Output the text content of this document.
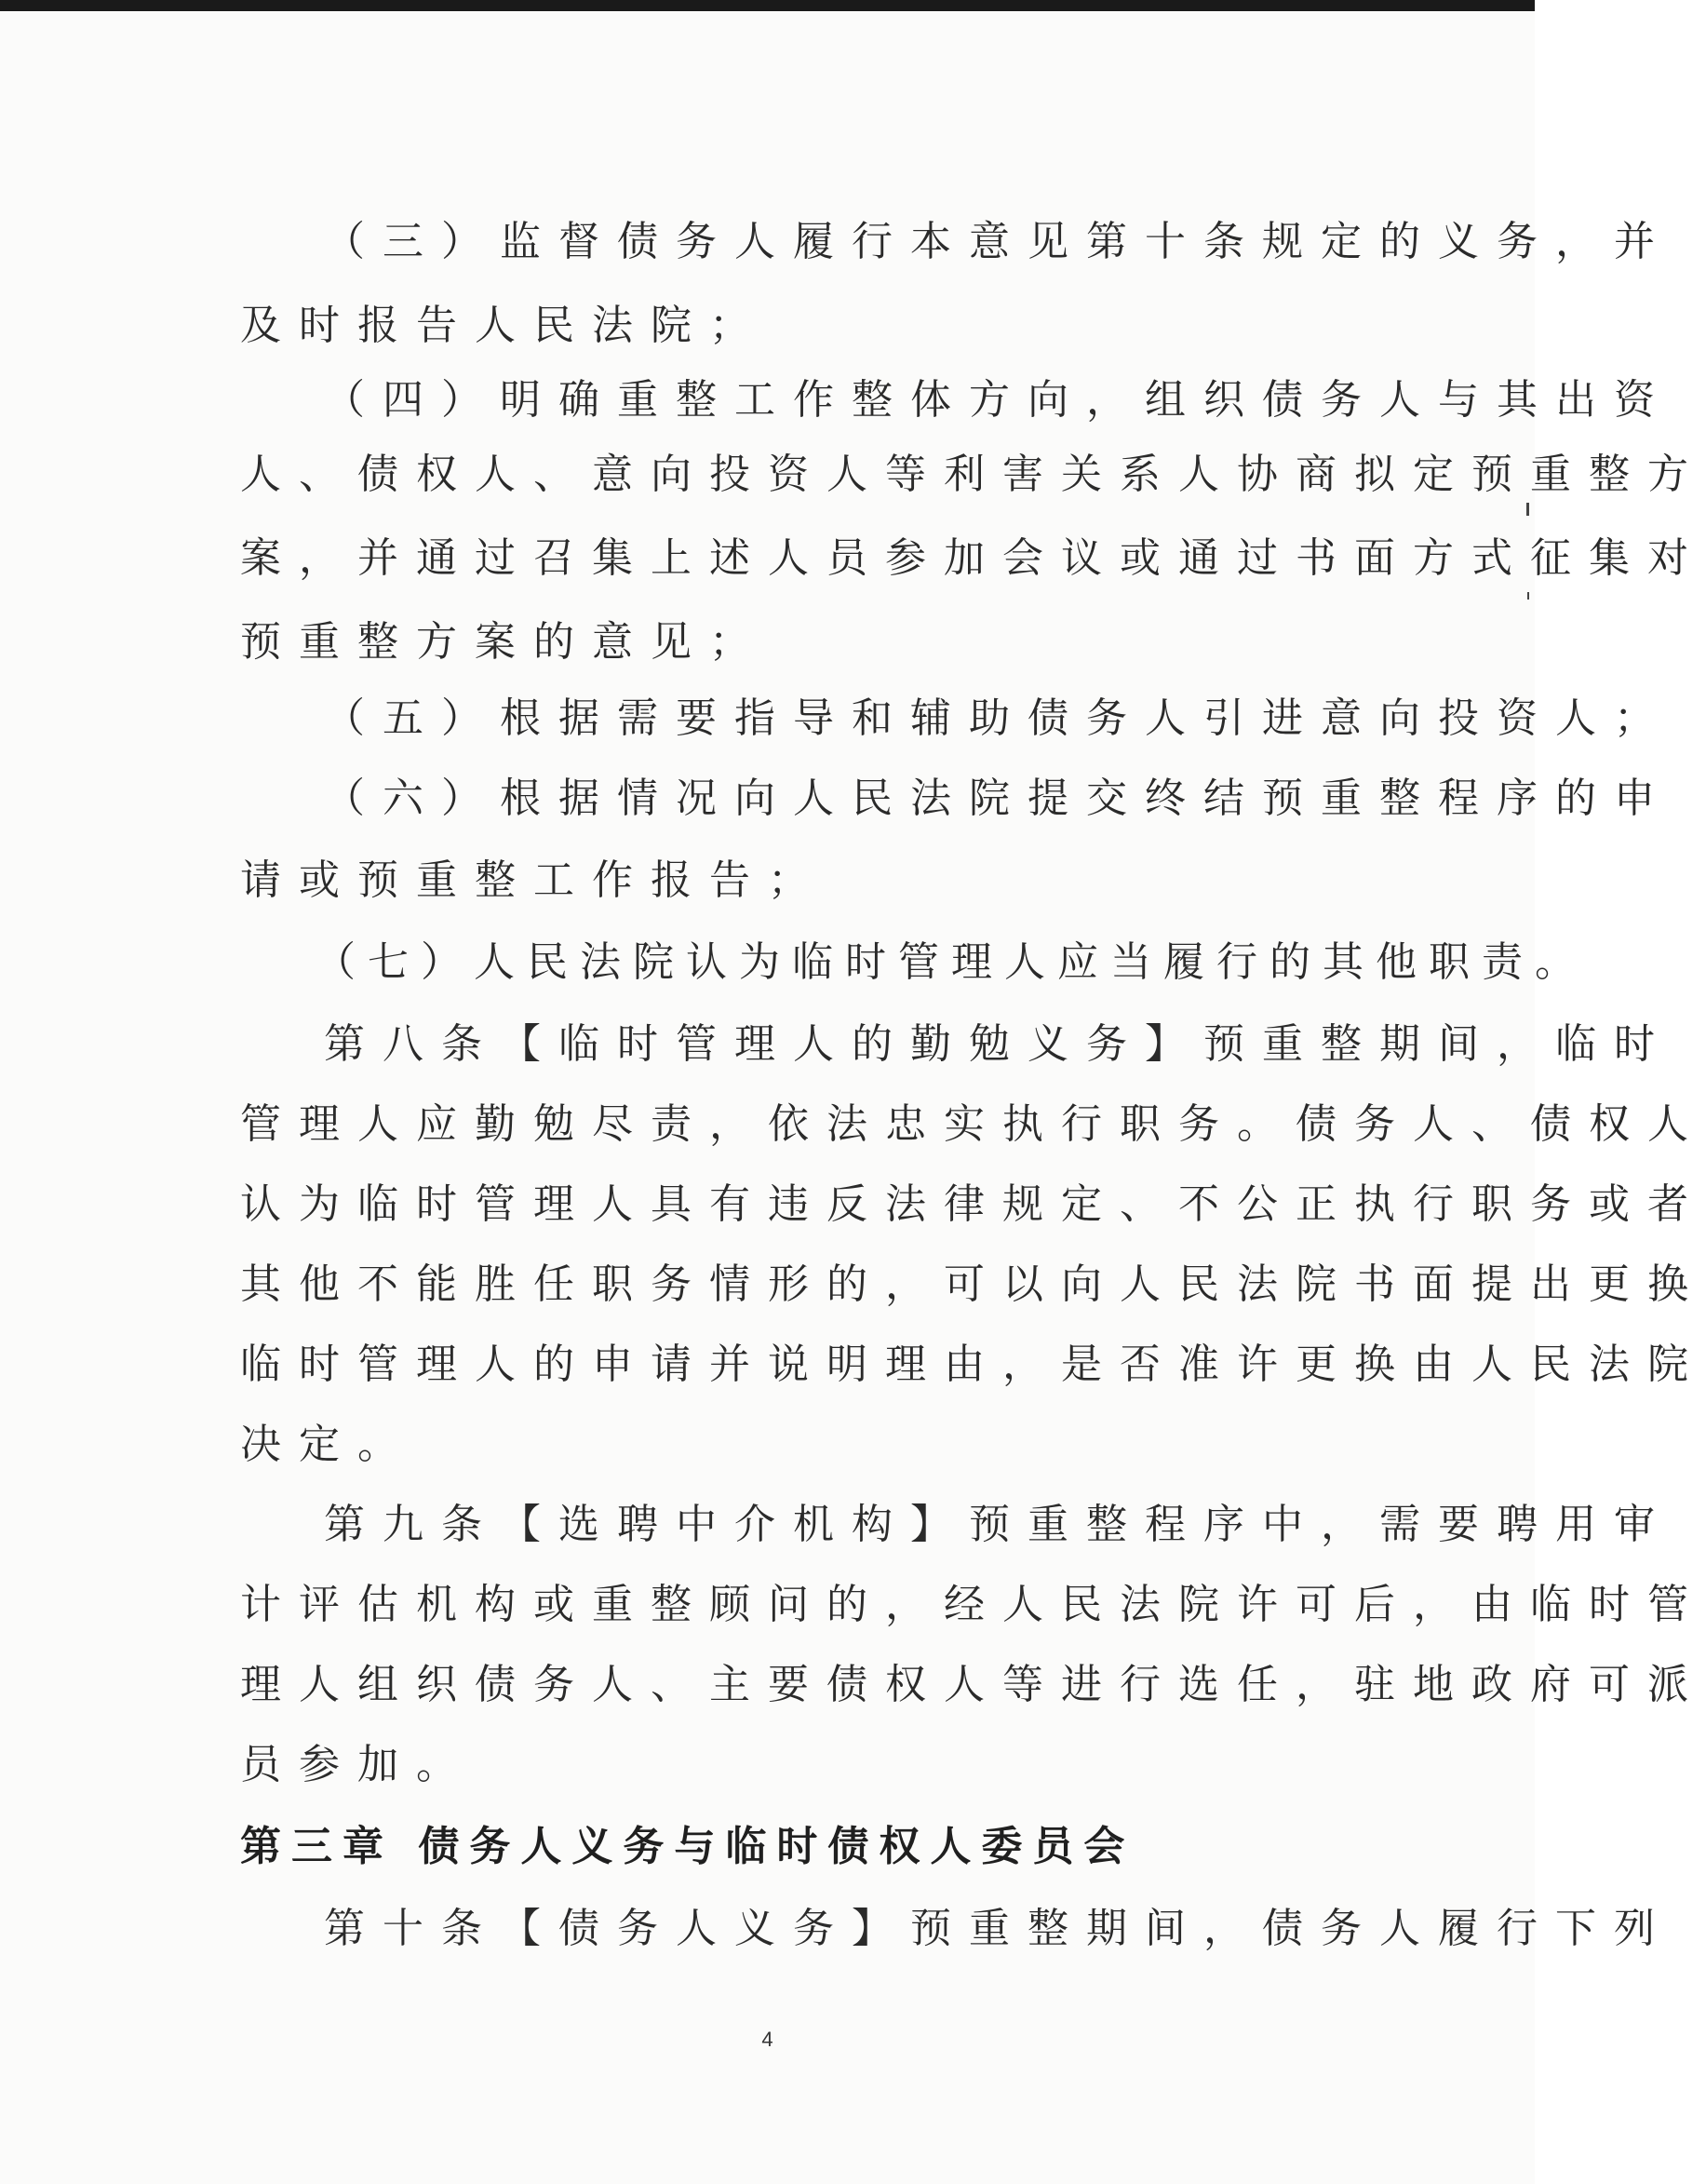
（三）监督债务人履行本意见第十条规定的义务，并
及时报告人民法院；
（四）明确重整工作整体方向，组织债务人与其出资
人、债权人、意向投资人等利害关系人协商拟定预重整方
案，并通过召集上述人员参加会议或通过书面方式征集对
预重整方案的意见；
（五）根据需要指导和辅助债务人引进意向投资人；
（六）根据情况向人民法院提交终结预重整程序的申
请或预重整工作报告；
（七）人民法院认为临时管理人应当履行的其他职责。
第八条【临时管理人的勤勉义务】预重整期间，临时
管理人应勤勉尽责，依法忠实执行职务。债务人、债权人
认为临时管理人具有违反法律规定、不公正执行职务或者
其他不能胜任职务情形的，可以向人民法院书面提出更换
临时管理人的申请并说明理由，是否准许更换由人民法院
决定。
第九条【选聘中介机构】预重整程序中，需要聘用审
计评估机构或重整顾问的，经人民法院许可后，由临时管
理人组织债务人、主要债权人等进行选任，驻地政府可派
员参加。
第三章 债务人义务与临时债权人委员会
第十条【债务人义务】预重整期间，债务人履行下列
4
